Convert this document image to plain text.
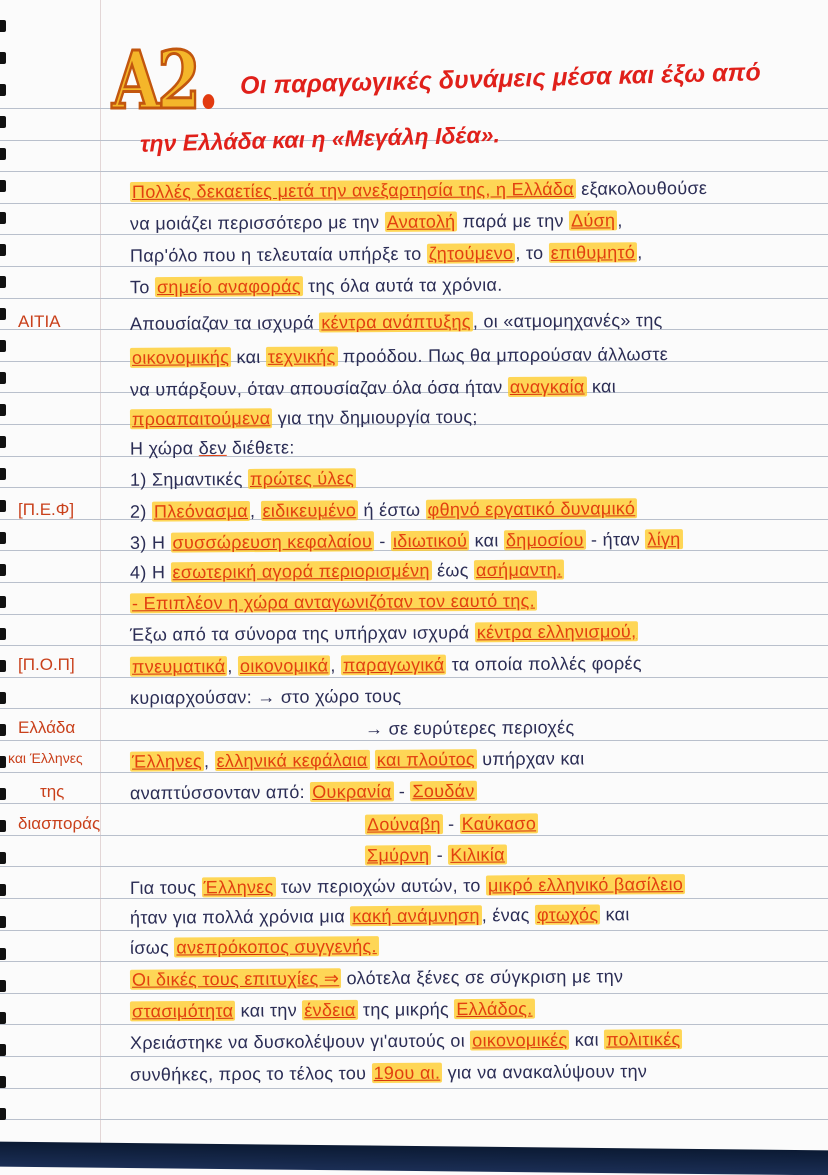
A2. Οι παραγωγικές δυνάμεις μέσα και έξω από
την Ελλάδα και η «Μεγάλη Ιδέα».
ΑΙΤΙΑ
[Π.Ε.Φ]
[Π.Ο.Π]
Ελλάδα
και Έλληνες
της
διασποράς
Πολλές δεκαετίες μετά την ανεξαρτησία της, η Ελλάδα εξακολουθούσε
να μοιάζει περισσότερο με την Ανατολή παρά με την Δύση ,
Παρ'όλο που η τελευταία υπήρξε το ζητούμενο , το επιθυμητό ,
Το σημείο αναφοράς της όλα αυτά τα χρόνια.
Απουσίαζαν τα ισχυρά κέντρα ανάπτυξης , οι «ατμομηχανές» της
οικονομικής και τεχνικής προόδου. Πως θα μπορούσαν άλλωστε
να υπάρξουν, όταν απουσίαζαν όλα όσα ήταν αναγκαία και
προαπαιτούμενα για την δημιουργία τους;
Η χώρα δεν διέθετε:
1) Σημαντικές πρώτες ύλες
2) Πλεόνασμα , ειδικευμένο ή έστω φθηνό εργατικό δυναμικό
3) Η συσσώρευση κεφαλαίου - ιδιωτικού και δημοσίου - ήταν λίγη
4) Η εσωτερική αγορά περιορισμένη έως ασήμαντη.
- Επιπλέον η χώρα ανταγωνιζόταν τον εαυτό της.
Έξω από τα σύνορα της υπήρχαν ισχυρά κέντρα ελληνισμού,
πνευματικά , οικονομικά , παραγωγικά τα οποία πολλές φορές
κυριαρχούσαν: → στο χώρο τους
→ σε ευρύτερες περιοχές
Έλληνες , ελληνικά κεφάλαια και πλούτος υπήρχαν και
αναπτύσσονταν από: Ουκρανία - Σουδάν
Δούναβη - Καύκασο
Σμύρνη - Κιλικία
Για τους Έλληνες των περιοχών αυτών, το μικρό ελληνικό βασίλειο
ήταν για πολλά χρόνια μια κακή ανάμνηση , ένας φτωχός και
ίσως ανεπρόκοπος συγγενής.
Οι δικές τους επιτυχίες ⇒ ολότελα ξένες σε σύγκριση με την
στασιμότητα και την ένδεια της μικρής Ελλάδος.
Χρειάστηκε να δυσκολέψουν γι'αυτούς οι οικονομικές και πολιτικές
συνθήκες, προς το τέλος του 19ου αι. για να ανακαλύψουν την
